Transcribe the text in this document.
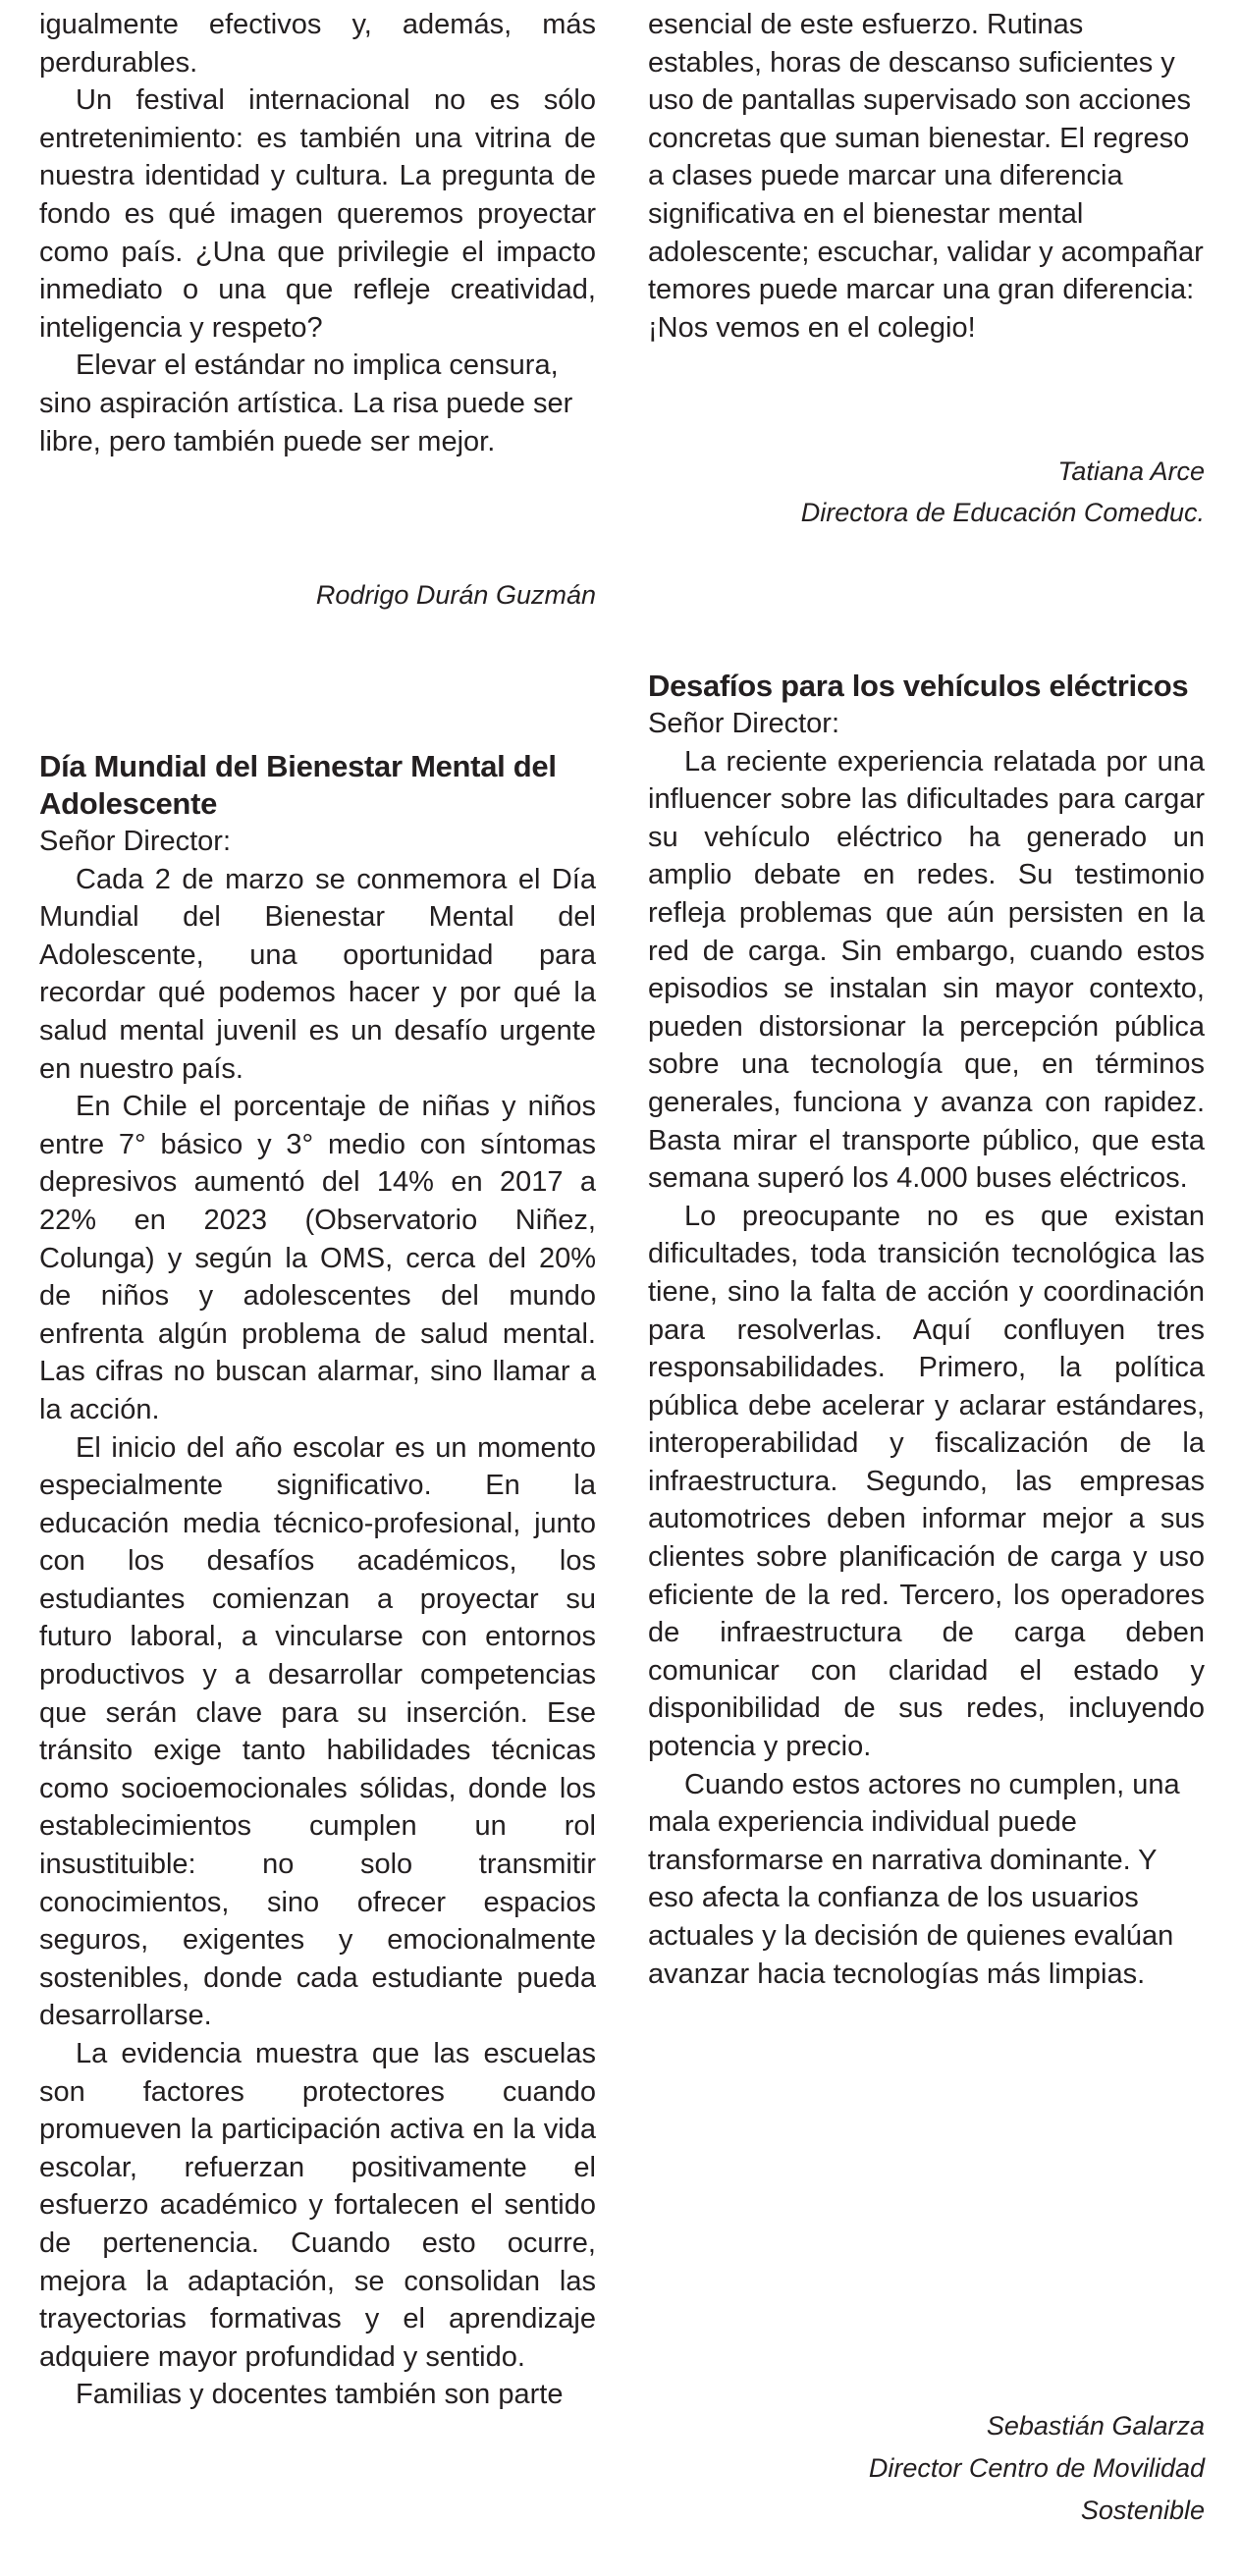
igualmente efectivos y, además, más perdurables.

Un festival internacional no es sólo entretenimiento: es también una vitrina de nuestra identidad y cultura. La pregunta de fondo es qué imagen queremos proyectar como país. ¿Una que privilegie el impacto inmediato o una que refleje creatividad, inteligencia y respeto?

Elevar el estándar no implica censura, sino aspiración artística. La risa puede ser libre, pero también puede ser mejor.

Rodrigo Durán Guzmán
Día Mundial del Bienestar Mental del Adolescente
Señor Director:

Cada 2 de marzo se conmemora el Día Mundial del Bienestar Mental del Adolescente, una oportunidad para recordar qué podemos hacer y por qué la salud mental juvenil es un desafío urgente en nuestro país.

En Chile el porcentaje de niñas y niños entre 7° básico y 3° medio con síntomas depresivos aumentó del 14% en 2017 a 22% en 2023 (Observatorio Niñez, Colunga) y según la OMS, cerca del 20% de niños y adolescentes del mundo enfrenta algún problema de salud mental. Las cifras no buscan alarmar, sino llamar a la acción.

El inicio del año escolar es un momento especialmente significativo. En la educación media técnico-profesional, junto con los desafíos académicos, los estudiantes comienzan a proyectar su futuro laboral, a vincularse con entornos productivos y a desarrollar competencias que serán clave para su inserción. Ese tránsito exige tanto habilidades técnicas como socioemocionales sólidas, donde los establecimientos cumplen un rol insustituible: no solo transmitir conocimientos, sino ofrecer espacios seguros, exigentes y emocionalmente sostenibles, donde cada estudiante pueda desarrollarse.

La evidencia muestra que las escuelas son factores protectores cuando promueven la participación activa en la vida escolar, refuerzan positivamente el esfuerzo académico y fortalecen el sentido de pertenencia. Cuando esto ocurre, mejora la adaptación, se consolidan las trayectorias formativas y el aprendizaje adquiere mayor profundidad y sentido.

Familias y docentes también son parte

esencial de este esfuerzo. Rutinas estables, horas de descanso suficientes y uso de pantallas supervisado son acciones concretas que suman bienestar. El regreso a clases puede marcar una diferencia significativa en el bienestar mental adolescente; escuchar, validar y acompañar temores puede marcar una gran diferencia: ¡Nos vemos en el colegio!

Tatiana Arce
Directora de Educación Comeduc.
Desafíos para los vehículos eléctricos
Señor Director:

La reciente experiencia relatada por una influencer sobre las dificultades para cargar su vehículo eléctrico ha generado un amplio debate en redes. Su testimonio refleja problemas que aún persisten en la red de carga. Sin embargo, cuando estos episodios se instalan sin mayor contexto, pueden distorsionar la percepción pública sobre una tecnología que, en términos generales, funciona y avanza con rapidez. Basta mirar el transporte público, que esta semana superó los 4.000 buses eléctricos.

Lo preocupante no es que existan dificultades, toda transición tecnológica las tiene, sino la falta de acción y coordinación para resolverlas. Aquí confluyen tres responsabilidades. Primero, la política pública debe acelerar y aclarar estándares, interoperabilidad y fiscalización de la infraestructura. Segundo, las empresas automotrices deben informar mejor a sus clientes sobre planificación de carga y uso eficiente de la red. Tercero, los operadores de infraestructura de carga deben comunicar con claridad el estado y disponibilidad de sus redes, incluyendo potencia y precio.

Cuando estos actores no cumplen, una mala experiencia individual puede transformarse en narrativa dominante. Y eso afecta la confianza de los usuarios actuales y la decisión de quienes evalúan avanzar hacia tecnologías más limpias.

Sebastián Galarza
Director Centro de Movilidad
Sostenible
